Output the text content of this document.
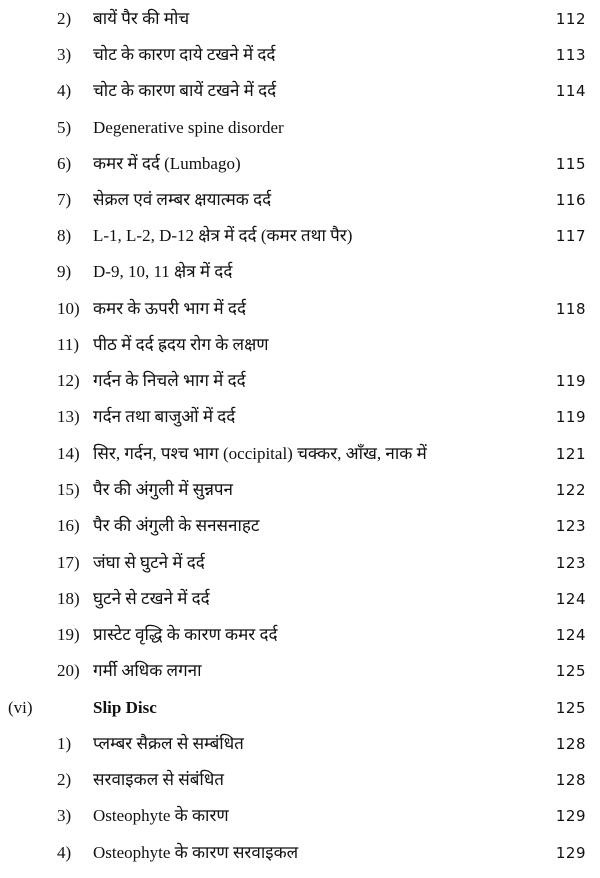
2) बायें पैर की मोच	112
3) चोट के कारण दाये टखने में दर्द	113
4) चोट के कारण बायें टखने में दर्द	114
5) Degenerative spine disorder
6) कमर में दर्द (Lumbago)	115
7) सेक्रल एवं लम्बर क्षयात्मक दर्द	116
8) L-1, L-2, D-12 क्षेत्र में दर्द (कमर तथा पैर)	117
9) D-9, 10, 11 क्षेत्र में दर्द
10) कमर के ऊपरी भाग में दर्द	118
11) पीठ में दर्द ह्रदय रोग के लक्षण
12) गर्दन के निचले भाग में दर्द	119
13) गर्दन तथा बाजुओं में दर्द	119
14) सिर, गर्दन, पश्च भाग (occipital) चक्कर, आँख, नाक में	121
15) पैर की अंगुली में सुन्नपन	122
16) पैर की अंगुली के सनसनाहट	123
17) जंघा से घुटने में दर्द	123
18) घुटने से टखने में दर्द	124
19) प्रास्टेट वृद्धि के कारण कमर दर्द	124
20) गर्मी अधिक लगना	125
(vi)	Slip Disc	125
1) प्लम्बर सैक्रल से सम्बंधित	128
2) सरवाइकल से संबंधित	128
3) Osteophyte के कारण	129
4) Osteophyte के कारण सरवाइकल	129
